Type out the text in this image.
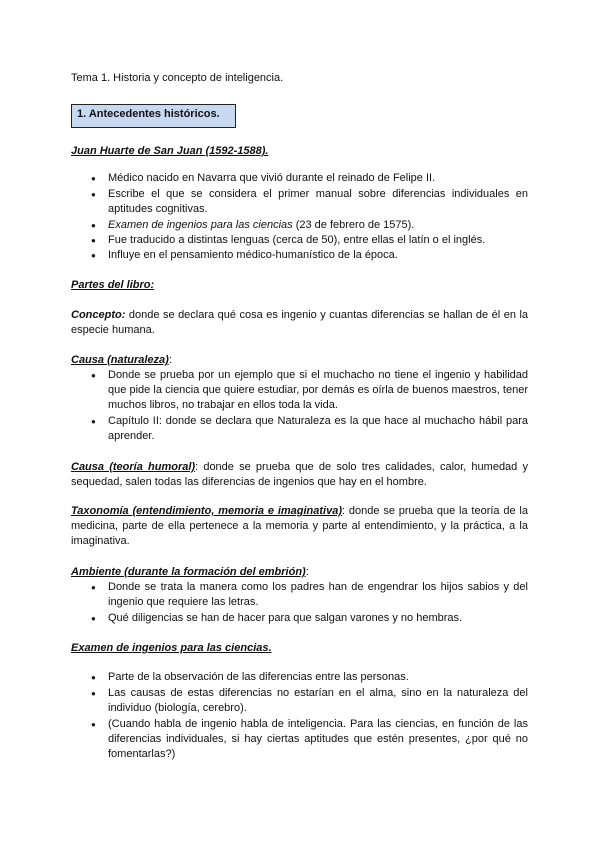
Tema 1. Historia y concepto de inteligencia.
1. Antecedentes históricos.
Juan Huarte de San Juan (1592-1588).
● Médico nacido en Navarra que vivió durante el reinado de Felipe II.
● Escribe el que se considera el primer manual sobre diferencias individuales en aptitudes cognitivas.
● Examen de ingenios para las ciencias (23 de febrero de 1575).
● Fue traducido a distintas lenguas (cerca de 50), entre ellas el latín o el inglés.
● Influye en el pensamiento médico-humanístico de la época.
Partes del libro:
Concepto: donde se declara qué cosa es ingenio y cuantas diferencias se hallan de él en la especie humana.
Causa (naturaleza):
● Donde se prueba por un ejemplo que si el muchacho no tiene el ingenio y habilidad que pide la ciencia que quiere estudiar, por demás es oírla de buenos maestros, tener muchos libros, no trabajar en ellos toda la vida.
● Capítulo II: donde se declara que Naturaleza es la que hace al muchacho hábil para aprender.
Causa (teoría humoral): donde se prueba que de solo tres calidades, calor, humedad y sequedad, salen todas las diferencias de ingenios que hay en el hombre.
Taxonomía (entendimiento, memoria e imaginativa): donde se prueba que la teoría de la medicina, parte de ella pertenece a la memoria y parte al entendimiento, y la práctica, a la imaginativa.
Ambiente (durante la formación del embrión):
● Donde se trata la manera como los padres han de engendrar los hijos sabios y del ingenio que requiere las letras.
● Qué diligencias se han de hacer para que salgan varones y no hembras.
Examen de ingenios para las ciencias.
● Parte de la observación de las diferencias entre las personas.
● Las causas de estas diferencias no estarían en el alma, sino en la naturaleza del individuo (biología, cerebro).
● (Cuando habla de ingenio habla de inteligencia. Para las ciencias, en función de las diferencias individuales, si hay ciertas aptitudes que estén presentes, ¿por qué no fomentarlas?)
